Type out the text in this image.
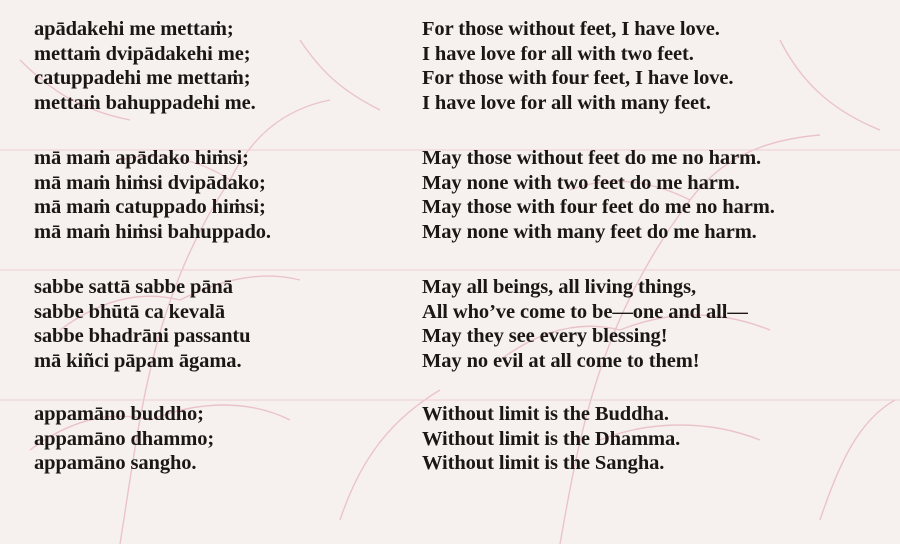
apādakehi me mettaṁ;
mettaṁ dvipādakehi me;
catuppadehi me mettaṁ;
mettaṁ bahuppadehi me.
For those without feet, I have love.
I have love for all with two feet.
For those with four feet, I have love.
I have love for all with many feet.
mā maṁ apādako hiṁsi;
mā maṁ hiṁsi dvipādako;
mā maṁ catuppado hiṁsi;
mā maṁ hiṁsi bahuppado.
May those without feet do me no harm.
May none with two feet do me harm.
May those with four feet do me no harm.
May none with many feet do me harm.
sabbe sattā sabbe pānā
sabbe bhūtā ca kevalā
sabbe bhadrāni passantu
mā kiñci pāpam āgama.
May all beings, all living things,
All who’ve come to be—one and all—
May they see every blessing!
May no evil at all come to them!
appamāno buddho;
appamāno dhammo;
appamāno sangho.
Without limit is the Buddha.
Without limit is the Dhamma.
Without limit is the Sangha.
